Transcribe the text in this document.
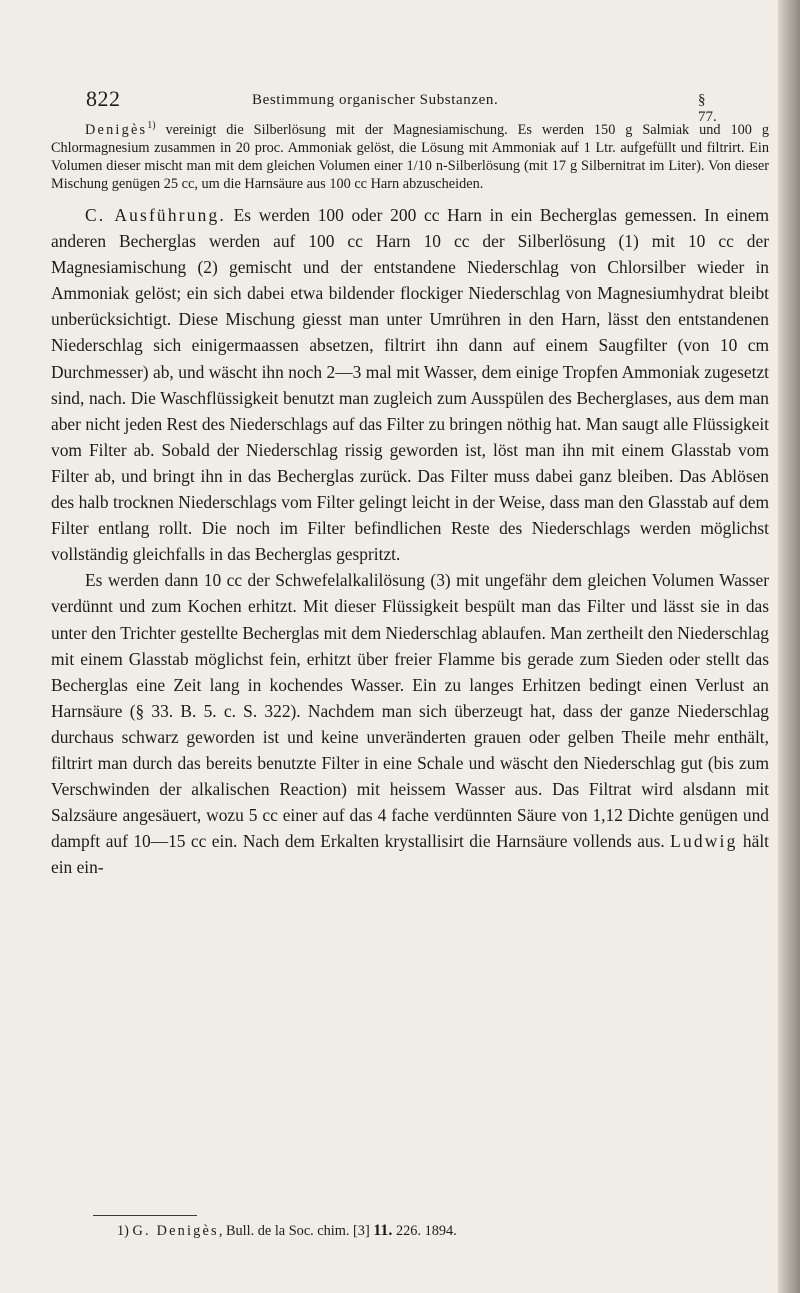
822	Bestimmung organischer Substanzen.	§ 77.

Denigès$^{1)}$ vereinigt die Silberlösung mit der Magnesiamischung. Es werden 150 g Salmiak und 100 g Chlormagnesium zusammen in 20 proc. Ammoniak gelöst, die Lösung mit Ammoniak auf 1 Ltr. aufgefüllt und filtrirt. Ein Volumen dieser mischt man mit dem gleichen Volumen einer 1/10 n-Silberlösung (mit 17 g Silbernitrat im Liter). Von dieser Mischung genügen 25 cc, um die Harnsäure aus 100 cc Harn abzuscheiden.

C. Ausführung. Es werden 100 oder 200 cc Harn in ein Becherglas gemessen. In einem anderen Becherglas werden auf 100 cc Harn 10 cc der Silberlösung (1) mit 10 cc der Magnesiamischung (2) gemischt und der entstandene Niederschlag von Chlorsilber wieder in Ammoniak gelöst; ein sich dabei etwa bildender flockiger Niederschlag von Magnesiumhydrat bleibt unberücksichtigt. Diese Mischung giesst man unter Umrühren in den Harn, lässt den entstandenen Niederschlag sich einigermaassen absetzen, filtrirt ihn dann auf einem Saugfilter (von 10 cm Durchmesser) ab, und wäscht ihn noch 2—3 mal mit Wasser, dem einige Tropfen Ammoniak zugesetzt sind, nach. Die Waschflüssigkeit benutzt man zugleich zum Ausspülen des Becherglases, aus dem man aber nicht jeden Rest des Niederschlags auf das Filter zu bringen nöthig hat. Man saugt alle Flüssigkeit vom Filter ab. Sobald der Niederschlag rissig geworden ist, löst man ihn mit einem Glasstab vom Filter ab, und bringt ihn in das Becherglas zurück. Das Filter muss dabei ganz bleiben. Das Ablösen des halb trocknen Niederschlags vom Filter gelingt leicht in der Weise, dass man den Glasstab auf dem Filter entlang rollt. Die noch im Filter befindlichen Reste des Niederschlags werden möglichst vollständig gleichfalls in das Becherglas gespritzt.

Es werden dann 10 cc der Schwefelalkalilösung (3) mit ungefähr dem gleichen Volumen Wasser verdünnt und zum Kochen erhitzt. Mit dieser Flüssigkeit bespült man das Filter und lässt sie in das unter den Trichter gestellte Becherglas mit dem Niederschlag ablaufen. Man zertheilt den Niederschlag mit einem Glasstab möglichst fein, erhitzt über freier Flamme bis gerade zum Sieden oder stellt das Becherglas eine Zeit lang in kochendes Wasser. Ein zu langes Erhitzen bedingt einen Verlust an Harnsäure (§ 33. B. 5. c. S. 322). Nachdem man sich überzeugt hat, dass der ganze Niederschlag durchaus schwarz geworden ist und keine unveränderten grauen oder gelben Theile mehr enthält, filtrirt man durch das bereits benutzte Filter in eine Schale und wäscht den Niederschlag gut (bis zum Verschwinden der alkalischen Reaction) mit heissem Wasser aus. Das Filtrat wird alsdann mit Salzsäure angesäuert, wozu 5 cc einer auf das 4 fache verdünnten Säure von 1,12 Dichte genügen und dampft auf 10—15 cc ein. Nach dem Erkalten krystallisirt die Harnsäure vollends aus. Ludwig hält ein ein-

1) G. Denigès, Bull. de la Soc. chim. [3] 11. 226. 1894.
